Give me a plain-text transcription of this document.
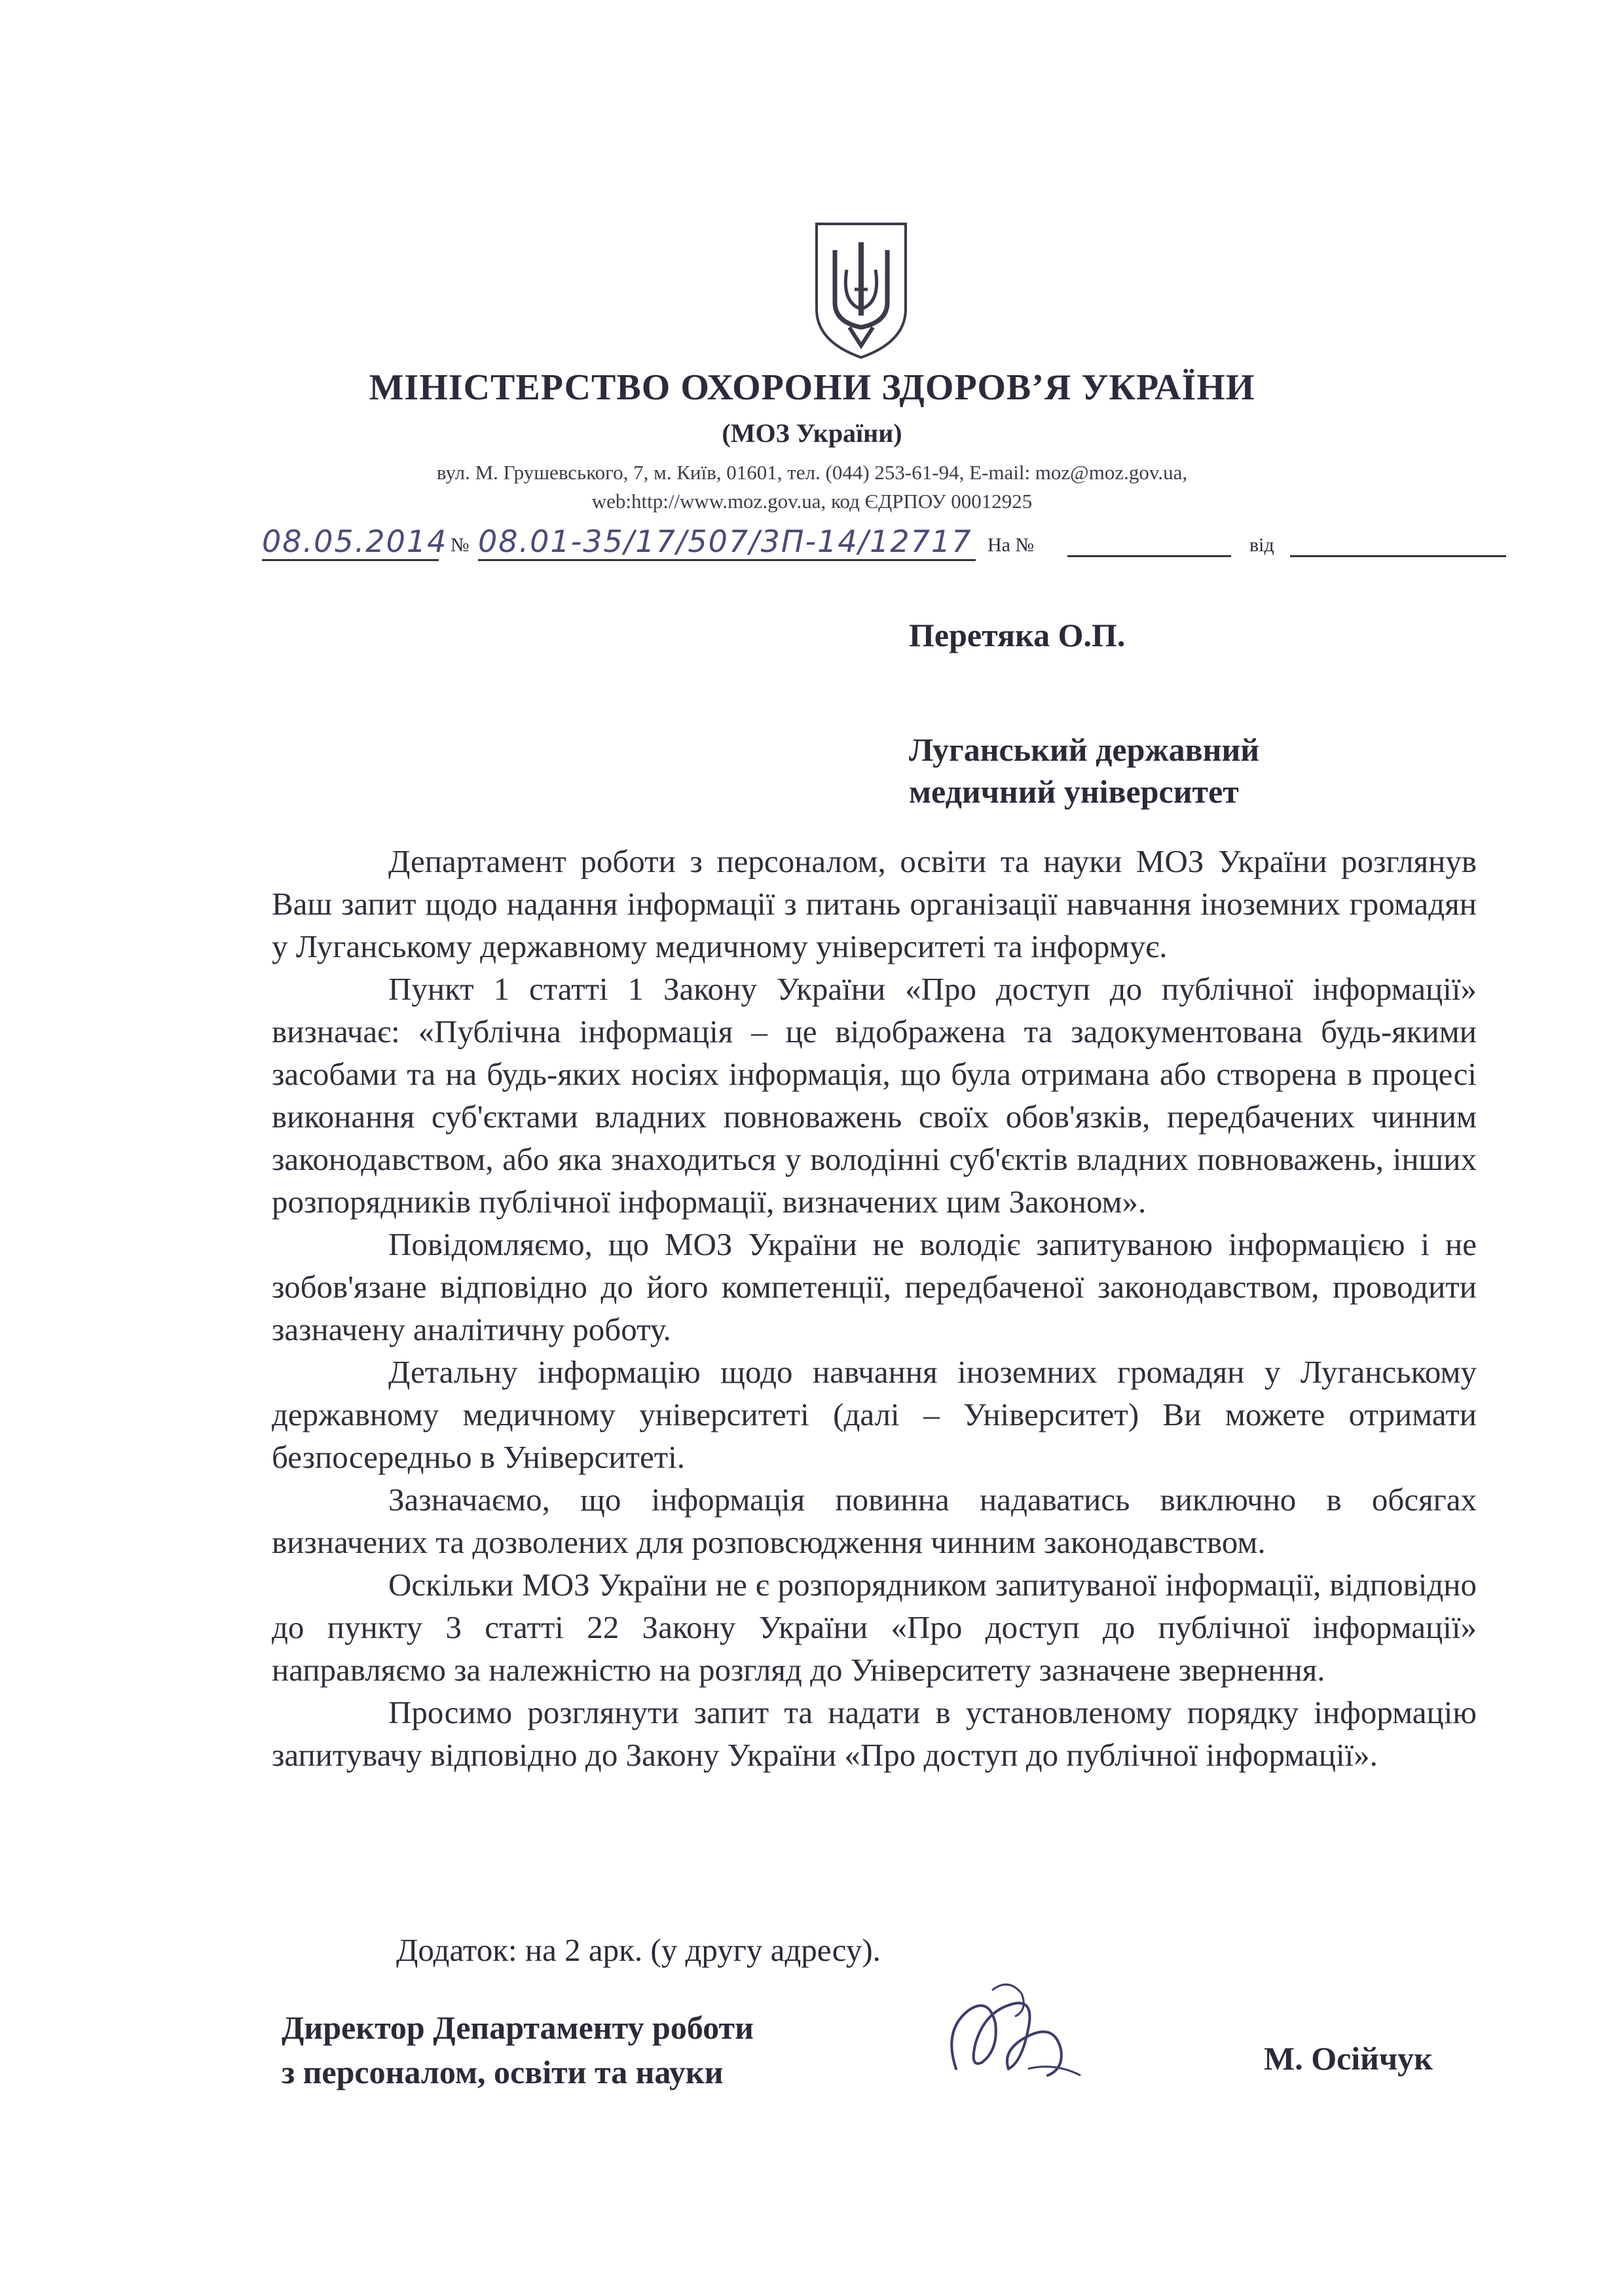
МІНІСТЕРСТВО ОХОРОНИ ЗДОРОВ’Я УКРАЇНИ
(МОЗ України)
вул. М. Грушевського, 7, м. Київ, 01601, тел. (044) 253-61-94, E-mail: moz@moz.gov.ua,
web:http://www.moz.gov.ua, код ЄДРПОУ 00012925
08.05.2014 № 08.01-35/17/507/3П-14/12717 На №	від
Перетяка О.П.
Луганський державний
медичний університет

Департамент роботи з персоналом, освіти та науки МОЗ України розглянув Ваш запит щодо надання інформації з питань організації навчання іноземних громадян у Луганському державному медичному університеті та інформує.

Пункт 1 статті 1 Закону України «Про доступ до публічної інформації» визначає: «Публічна інформація – це відображена та задокументована будь-якими засобами та на будь-яких носіях інформація, що була отримана або створена в процесі виконання суб'єктами владних повноважень своїх обов'язків, передбачених чинним законодавством, або яка знаходиться у володінні суб'єктів владних повноважень, інших розпорядників публічної інформації, визначених цим Законом».

Повідомляємо, що МОЗ України не володіє запитуваною інформацією і не зобов'язане відповідно до його компетенції, передбаченої законодавством, проводити зазначену аналітичну роботу.

Детальну інформацію щодо навчання іноземних громадян у Луганському державному медичному університеті (далі – Університет) Ви можете отримати безпосередньо в Університеті.

Зазначаємо, що інформація повинна надаватись виключно в обсягах визначених та дозволених для розповсюдження чинним законодавством.

Оскільки МОЗ України не є розпорядником запитуваної інформації, відповідно до пункту 3 статті 22 Закону України «Про доступ до публічної інформації» направляємо за належністю на розгляд до Університету зазначене звернення.

Просимо розглянути запит та надати в установленому порядку інформацію запитувачу відповідно до Закону України «Про доступ до публічної інформації».

Додаток: на 2 арк. (у другу адресу).
Директор Департаменту роботи
з персоналом, освіти та науки	М. Осійчук
